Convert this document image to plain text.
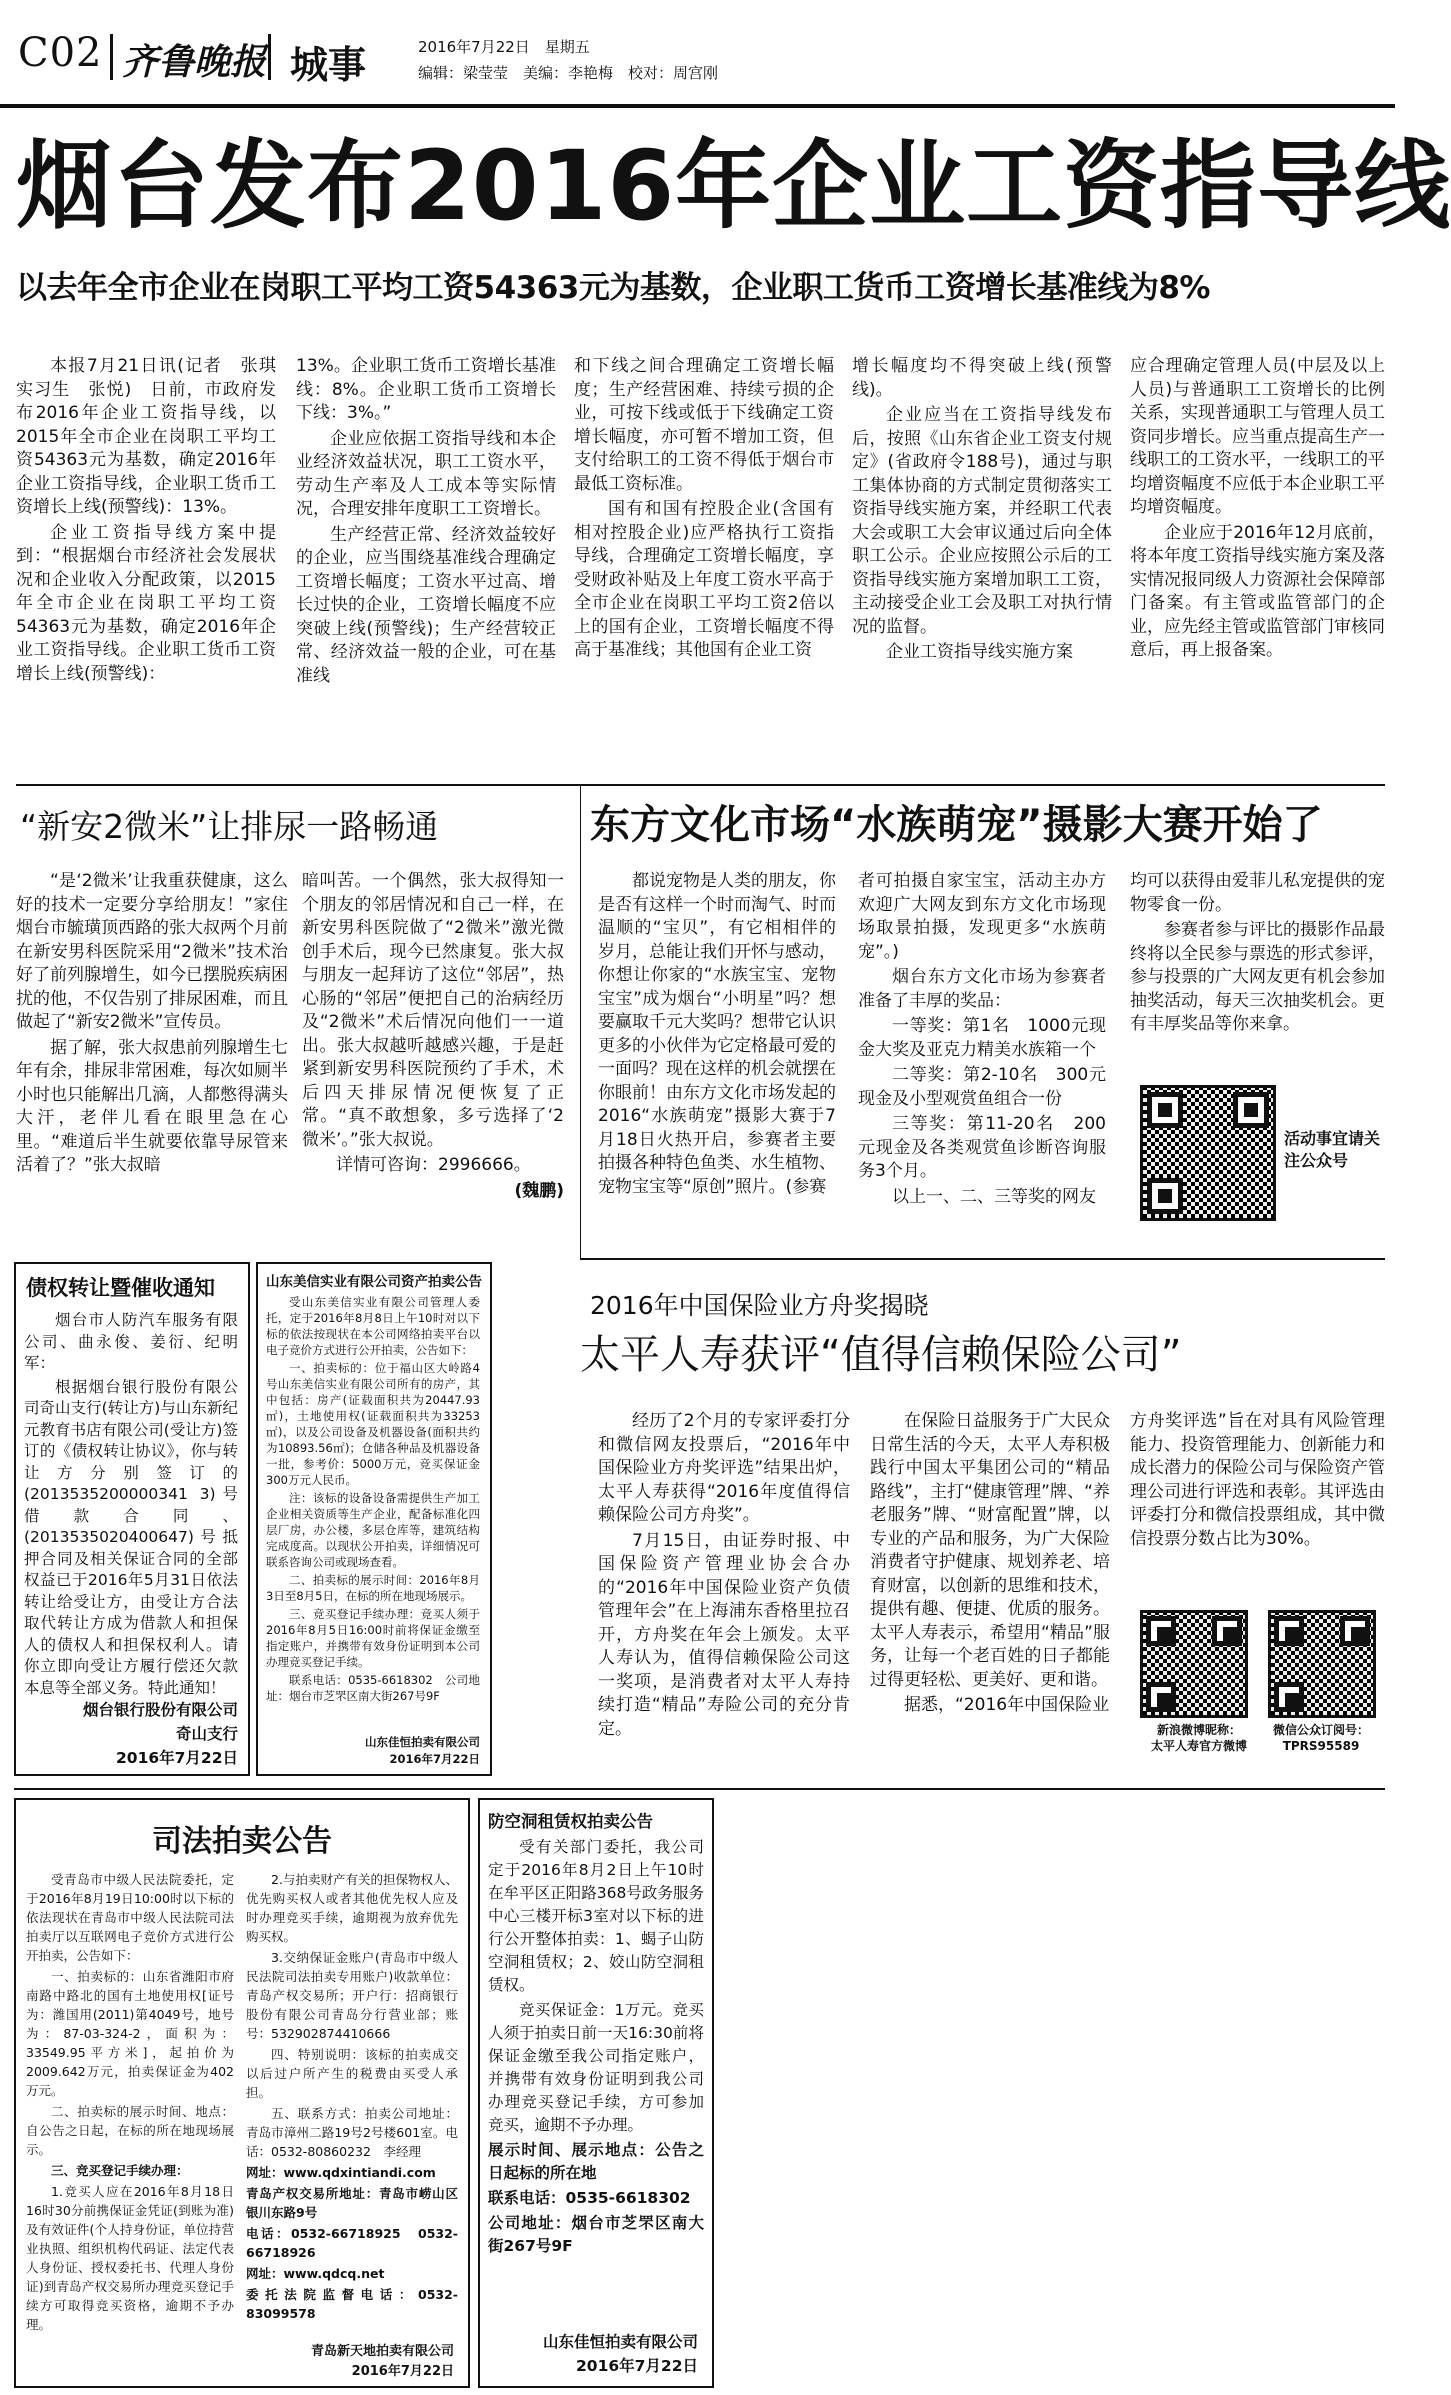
C02 齐鲁晚报 城事	2016年7月22日　星期五
编辑：梁莹莹　美编：李艳梅　校对：周宫刚
烟台发布2016年企业工资指导线
以去年全市企业在岗职工平均工资54363元为基数，企业职工货币工资增长基准线为8%

本报7月21日讯(记者　张琪　实习生　张悦)　日前，市政府发布2016年企业工资指导线，以2015年全市企业在岗职工平均工资54363元为基数，确定2016年企业工资指导线，企业职工货币工资增长上线(预警线)：13%。

企业工资指导线方案中提到：“根据烟台市经济社会发展状况和企业收入分配政策，以2015年全市企业在岗职工平均工资54363元为基数，确定2016年企业工资指导线。企业职工货币工资增长上线(预警线)：

13%。企业职工货币工资增长基准线：8%。企业职工货币工资增长下线：3%。”

企业应依据工资指导线和本企业经济效益状况，职工工资水平，劳动生产率及人工成本等实际情况，合理安排年度职工工资增长。

生产经营正常、经济效益较好的企业，应当围绕基准线合理确定工资增长幅度；工资水平过高、增长过快的企业，工资增长幅度不应突破上线(预警线)；生产经营较正常、经济效益一般的企业，可在基准线

和下线之间合理确定工资增长幅度；生产经营困难、持续亏损的企业，可按下线或低于下线确定工资增长幅度，亦可暂不增加工资，但支付给职工的工资不得低于烟台市最低工资标准。

国有和国有控股企业(含国有相对控股企业)应严格执行工资指导线，合理确定工资增长幅度，享受财政补贴及上年度工资水平高于全市企业在岗职工平均工资2倍以上的国有企业，工资增长幅度不得高于基准线；其他国有企业工资

增长幅度均不得突破上线(预警线)。

企业应当在工资指导线发布后，按照《山东省企业工资支付规定》(省政府令188号)，通过与职工集体协商的方式制定贯彻落实工资指导线实施方案，并经职工代表大会或职工大会审议通过后向全体职工公示。企业应按照公示后的工资指导线实施方案增加职工工资，主动接受企业工会及职工对执行情况的监督。

企业工资指导线实施方案

应合理确定管理人员(中层及以上人员)与普通职工工资增长的比例关系，实现普通职工与管理人员工资同步增长。应当重点提高生产一线职工的工资水平，一线职工的平均增资幅度不应低于本企业职工平均增资幅度。

企业应于2016年12月底前，将本年度工资指导线实施方案及落实情况报同级人力资源社会保障部门备案。有主管或监管部门的企业，应先经主管或监管部门审核同意后，再上报备案。

“新安2微米”让排尿一路畅通

“是‘2微米’让我重获健康，这么好的技术一定要分享给朋友！”家住烟台市毓璜顶西路的张大叔两个月前在新安男科医院采用“2微米”技术治好了前列腺增生，如今已摆脱疾病困扰的他，不仅告别了排尿困难，而且做起了“新安2微米”宣传员。

据了解，张大叔患前列腺增生七年有余，排尿非常困难，每次如厕半小时也只能解出几滴，人都憋得满头大汗，老伴儿看在眼里急在心里。“难道后半生就要依靠导尿管来活着了？”张大叔暗

暗叫苦。一个偶然，张大叔得知一个朋友的邻居情况和自己一样，在新安男科医院做了“2微米”激光微创手术后，现今已然康复。张大叔与朋友一起拜访了这位“邻居”，热心肠的“邻居”便把自己的治病经历及“2微米”术后情况向他们一一道出。张大叔越听越感兴趣，于是赶紧到新安男科医院预约了手术，术后四天排尿情况便恢复了正常。“真不敢想象，多亏选择了‘2微米’。”张大叔说。

详情可咨询：2996666。

(魏鹏)

东方文化市场“水族萌宠”摄影大赛开始了

都说宠物是人类的朋友，你是否有这样一个时而淘气、时而温顺的“宝贝”，有它相相伴的岁月，总能让我们开怀与感动，你想让你家的“水族宝宝、宠物宝宝”成为烟台“小明星”吗？想要赢取千元大奖吗？想带它认识更多的小伙伴为它定格最可爱的一面吗？现在这样的机会就摆在你眼前！由东方文化市场发起的2016“水族萌宠”摄影大赛于7月18日火热开启，参赛者主要拍摄各种特色鱼类、水生植物、宠物宝宝等“原创”照片。(参赛

者可拍摄自家宝宝，活动主办方欢迎广大网友到东方文化市场现场取景拍摄，发现更多“水族萌宠”。)

烟台东方文化市场为参赛者准备了丰厚的奖品：

一等奖：第1名　1000元现金大奖及亚克力精美水族箱一个

二等奖：第2-10名　300元现金及小型观赏鱼组合一份

三等奖：第11-20名　200元现金及各类观赏鱼诊断咨询服务3个月。

以上一、二、三等奖的网友

均可以获得由爱菲儿私宠提供的宠物零食一份。

参赛者参与评比的摄影作品最终将以全民参与票选的形式参评，参与投票的广大网友更有机会参加抽奖活动，每天三次抽奖机会。更有丰厚奖品等你来拿。

活动事宜请关注公众号
债权转让暨催收通知

烟台市人防汽车服务有限公司、曲永俊、姜衍、纪明军：

根据烟台银行股份有限公司奇山支行(转让方)与山东新纪元教育书店有限公司(受让方)签订的《债权转让协议》，你与转让方分别签订的(2013535200000341 3)号借款合同、(2013535020400647)号抵押合同及相关保证合同的全部权益已于2016年5月31日依法转让给受让方，由受让方合法取代转让方成为借款人和担保人的债权人和担保权利人。请你立即向受让方履行偿还欠款本息等全部义务。特此通知！

烟台银行股份有限公司
奇山支行
2016年7月22日
山东美信实业有限公司资产拍卖公告

受山东美信实业有限公司管理人委托，定于2016年8月8日上午10时对以下标的依法按现状在本公司网络拍卖平台以电子竞价方式进行公开拍卖，公告如下：

一、拍卖标的：位于福山区大岭路4号山东美信实业有限公司所有的房产，其中包括：房产(证载面积共为20447.93㎡)，土地使用权(证载面积共为33253㎡)，以及公司设备及机器设备(面积共约为10893.56㎡)；仓储各种品及机器设备一批，参考价：5000万元，竞买保证金300万元人民币。

注：该标的设备设备需提供生产加工企业相关资质等生产企业，配备标准化四层厂房，办公楼，多层仓库等，建筑结构完成度高。以现状公开拍卖，详细情况可联系咨询公司或现场查看。

二、拍卖标的展示时间：2016年8月3日至8月5日，在标的所在地现场展示。

三、竞买登记手续办理：竞买人须于2016年8月5日16:00时前将保证金缴至指定账户，并携带有效身份证明到本公司办理竞买登记手续。

联系电话：0535-6618302　公司地址：烟台市芝罘区南大街267号9F

山东佳恒拍卖有限公司
2016年7月22日
2016年中国保险业方舟奖揭晓
太平人寿获评“值得信赖保险公司”

经历了2个月的专家评委打分和微信网友投票后，“2016年中国保险业方舟奖评选”结果出炉，太平人寿获得“2016年度值得信赖保险公司方舟奖”。

7月15日，由证券时报、中国保险资产管理业协会合办的“2016年中国保险业资产负债管理年会”在上海浦东香格里拉召开，方舟奖在年会上颁发。太平人寿认为，值得信赖保险公司这一奖项，是消费者对太平人寿持续打造“精品”寿险公司的充分肯定。

在保险日益服务于广大民众日常生活的今天，太平人寿积极践行中国太平集团公司的“精品路线”，主打“健康管理”牌、“养老服务”牌、“财富配置”牌，以专业的产品和服务，为广大保险消费者守护健康、规划养老、培育财富，以创新的思维和技术，提供有趣、便捷、优质的服务。太平人寿表示，希望用“精品”服务，让每一个老百姓的日子都能过得更轻松、更美好、更和谐。

据悉，“2016年中国保险业

方舟奖评选”旨在对具有风险管理能力、投资管理能力、创新能力和成长潜力的保险公司与保险资产管理公司进行评选和表彰。其评选由评委打分和微信投票组成，其中微信投票分数占比为30%。

新浪微博昵称：
太平人寿官方微博
微信公众订阅号：
TPRS95589
司法拍卖公告

受青岛市中级人民法院委托，定于2016年8月19日10:00时以下标的依法现状在青岛市中级人民法院司法拍卖厅以互联网电子竞价方式进行公开拍卖，公告如下：

一、拍卖标的：山东省潍阳市府南路中路北的国有土地使用权[证号为：潍国用(2011)第4049号，地号为：87-03-324-2，面积为：33549.95平方米]，起拍价为2009.642万元，拍卖保证金为402万元。

二、拍卖标的展示时间、地点：自公告之日起，在标的所在地现场展示。

三、竞买登记手续办理：

1.竞买人应在2016年8月18日16时30分前携保证金凭证(到账为准)及有效证件(个人持身份证，单位持营业执照、组织机构代码证、法定代表人身份证、授权委托书、代理人身份证)到青岛产权交易所办理竞买登记手续方可取得竞买资格，逾期不予办理。

2.与拍卖财产有关的担保物权人、优先购买权人或者其他优先权人应及时办理竞买手续，逾期视为放弃优先购买权。

3.交纳保证金账户(青岛市中级人民法院司法拍卖专用账户)收款单位：青岛产权交易所；开户行：招商银行股份有限公司青岛分行营业部；账号：532902874410666

四、特别说明：该标的拍卖成交以后过户所产生的税费由买受人承担。

五、联系方式：拍卖公司地址：青岛市漳州二路19号2号楼601室。电话：0532-80860232　李经理

网址：www.qdxintiandi.com

青岛产权交易所地址：青岛市崂山区银川东路9号

电话：0532-66718925　0532-66718926

网址：www.qdcq.net

委托法院监督电话：0532-83099578

青岛新天地拍卖有限公司
2016年7月22日
防空洞租赁权拍卖公告

受有关部门委托，我公司定于2016年8月2日上午10时在牟平区正阳路368号政务服务中心三楼开标3室对以下标的进行公开整体拍卖：1、蝎子山防空洞租赁权；2、姣山防空洞租赁权。

竞买保证金：1万元。竞买人须于拍卖日前一天16:30前将保证金缴至我公司指定账户，并携带有效身份证明到我公司办理竞买登记手续，方可参加竞买，逾期不予办理。

展示时间、展示地点：公告之日起标的所在地

联系电话：0535-6618302

公司地址：烟台市芝罘区南大街267号9F

山东佳恒拍卖有限公司
2016年7月22日
